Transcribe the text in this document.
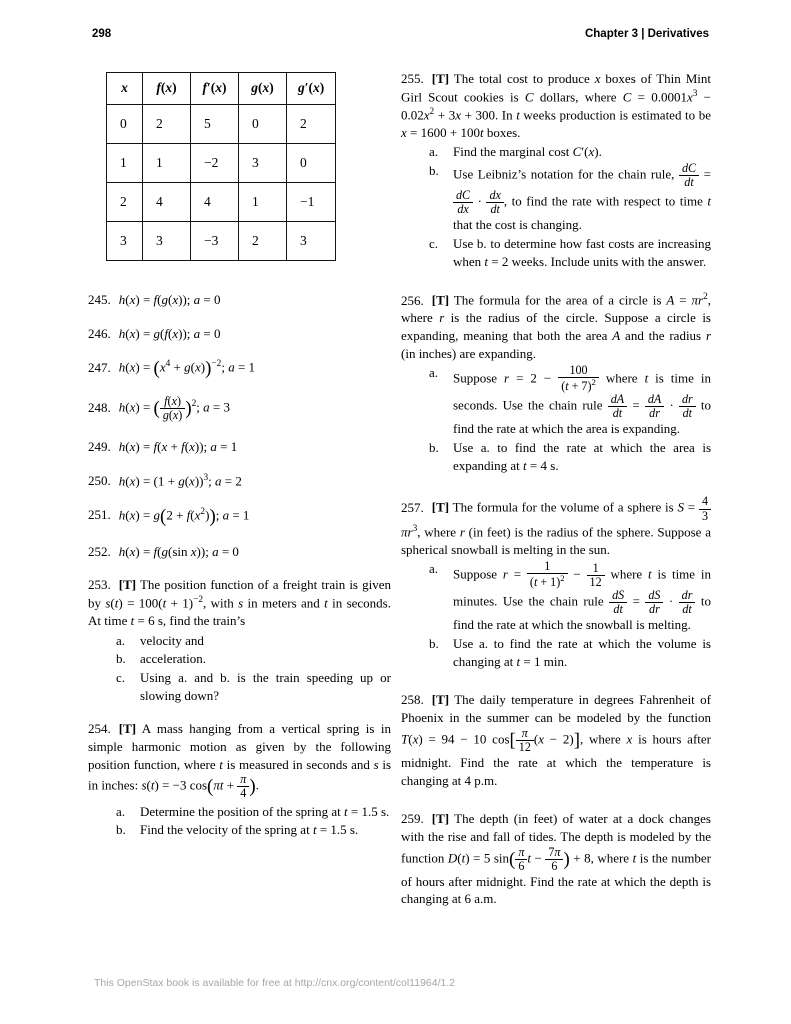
298	Chapter 3 | Derivatives
x	f(x)	f′(x)	g(x)	g′(x)
0	2	5	0	2
1	1	−2	3	0
2	4	4	1	−1
3	3	−3	2	3
245. h(x) = f(g(x)); a = 0
246. h(x) = g(f(x)); a = 0
247. $h(x) = (x^4 + g(x))^{-2}$; a = 1
248. h(x) = ( $\frac{f(x)}{g(x)} )^2$; a = 3
249. h(x) = f(x + f(x)); a = 1
250. $h(x) = (1 + g(x))^3$; a = 2
251. $h(x) = g(2 + f(x^2))$; a = 1
252. h(x) = f(g(sin x)); a = 0
253. [T] The position function of a freight train is given by $s(t) = 100(t + 1)^{-2}$, with s in meters and t in seconds. At time t = 6 s, find the train’s
a.	velocity and
b.	acceleration.
c.	Using a. and b. is the train speeding up or slowing down?
254. [T] A mass hanging from a vertical spring is in simple harmonic motion as given by the following position function, where t is measured in seconds and s is in inches: s(t) = −3 $\cos(\pi t + \frac{\pi}{4}$ ).
a.	Determine the position of the spring at t = 1.5 s.
b.	Find the velocity of the spring at t = 1.5 s.
255. [T] The total cost to produce x boxes of Thin Mint Girl Scout cookies is C dollars, where $C = 0.0001x^3 - 0.02x^2 + 3x + 300$. In t weeks production is estimated to be x = 1600 + 100t boxes.
a.	Find the marginal cost C′(x).
b.	Use Leibniz’s notation for the chain rule, $\frac{dC}{dt}$ =
$\frac{dC}{dx} \cdot \frac{dx}{dt}$ , to find the rate with respect to time t that the cost is changing.
c.	Use b. to determine how fast costs are increasing when t = 2 weeks. Include units with the answer.
256. [T] The formula for the area of a circle is $A = \pi r^2$, where r is the radius of the circle. Suppose a circle is expanding, meaning that both the area A and the radius r (in inches) are expanding.
a.	Suppose $r = 2 - \frac{100}{(t + 7)^2}$ where t is time in seconds. Use the chain rule $\frac{dA}{dt} = \frac{dA}{dr} \cdot \frac{dr}{dt}$ to find the rate at which the area is expanding.
b.	Use a. to find the rate at which the area is expanding at t = 4 s.
257. [T] The formula for the volume of a sphere is $S = \frac{4}{3}$
$\pi r^3$, where r (in feet) is the radius of the sphere. Suppose a spherical snowball is melting in the sun.
a.	Suppose $r = \frac{1}{(t + 1)^2} - \frac{1}{12}$ where t is time in minutes. Use the chain rule $\frac{dS}{dt} = \frac{dS}{dr} \cdot \frac{dr}{dt}$ to find the rate at which the snowball is melting.
b.	Use a. to find the rate at which the volume is changing at t = 1 min.
258. [T] The daily temperature in degrees Fahrenheit of Phoenix in the summer can be modeled by the function T(x) = 94 − 10 $\cos[ \frac{\pi}{12} (x - 2)]$, where x is hours after midnight. Find the rate at which the temperature is changing at 4 p.m.
259. [T] The depth (in feet) of water at a dock changes with the rise and fall of tides. The depth is modeled by the function D(t) = 5 $\sin( \frac{\pi}{6}$ $t - \frac{7\pi}{6}$ ) + 8, where t is the number of hours after midnight. Find the rate at which the depth is changing at 6 a.m.
This OpenStax book is available for free at http://cnx.org/content/col11964/1.2
